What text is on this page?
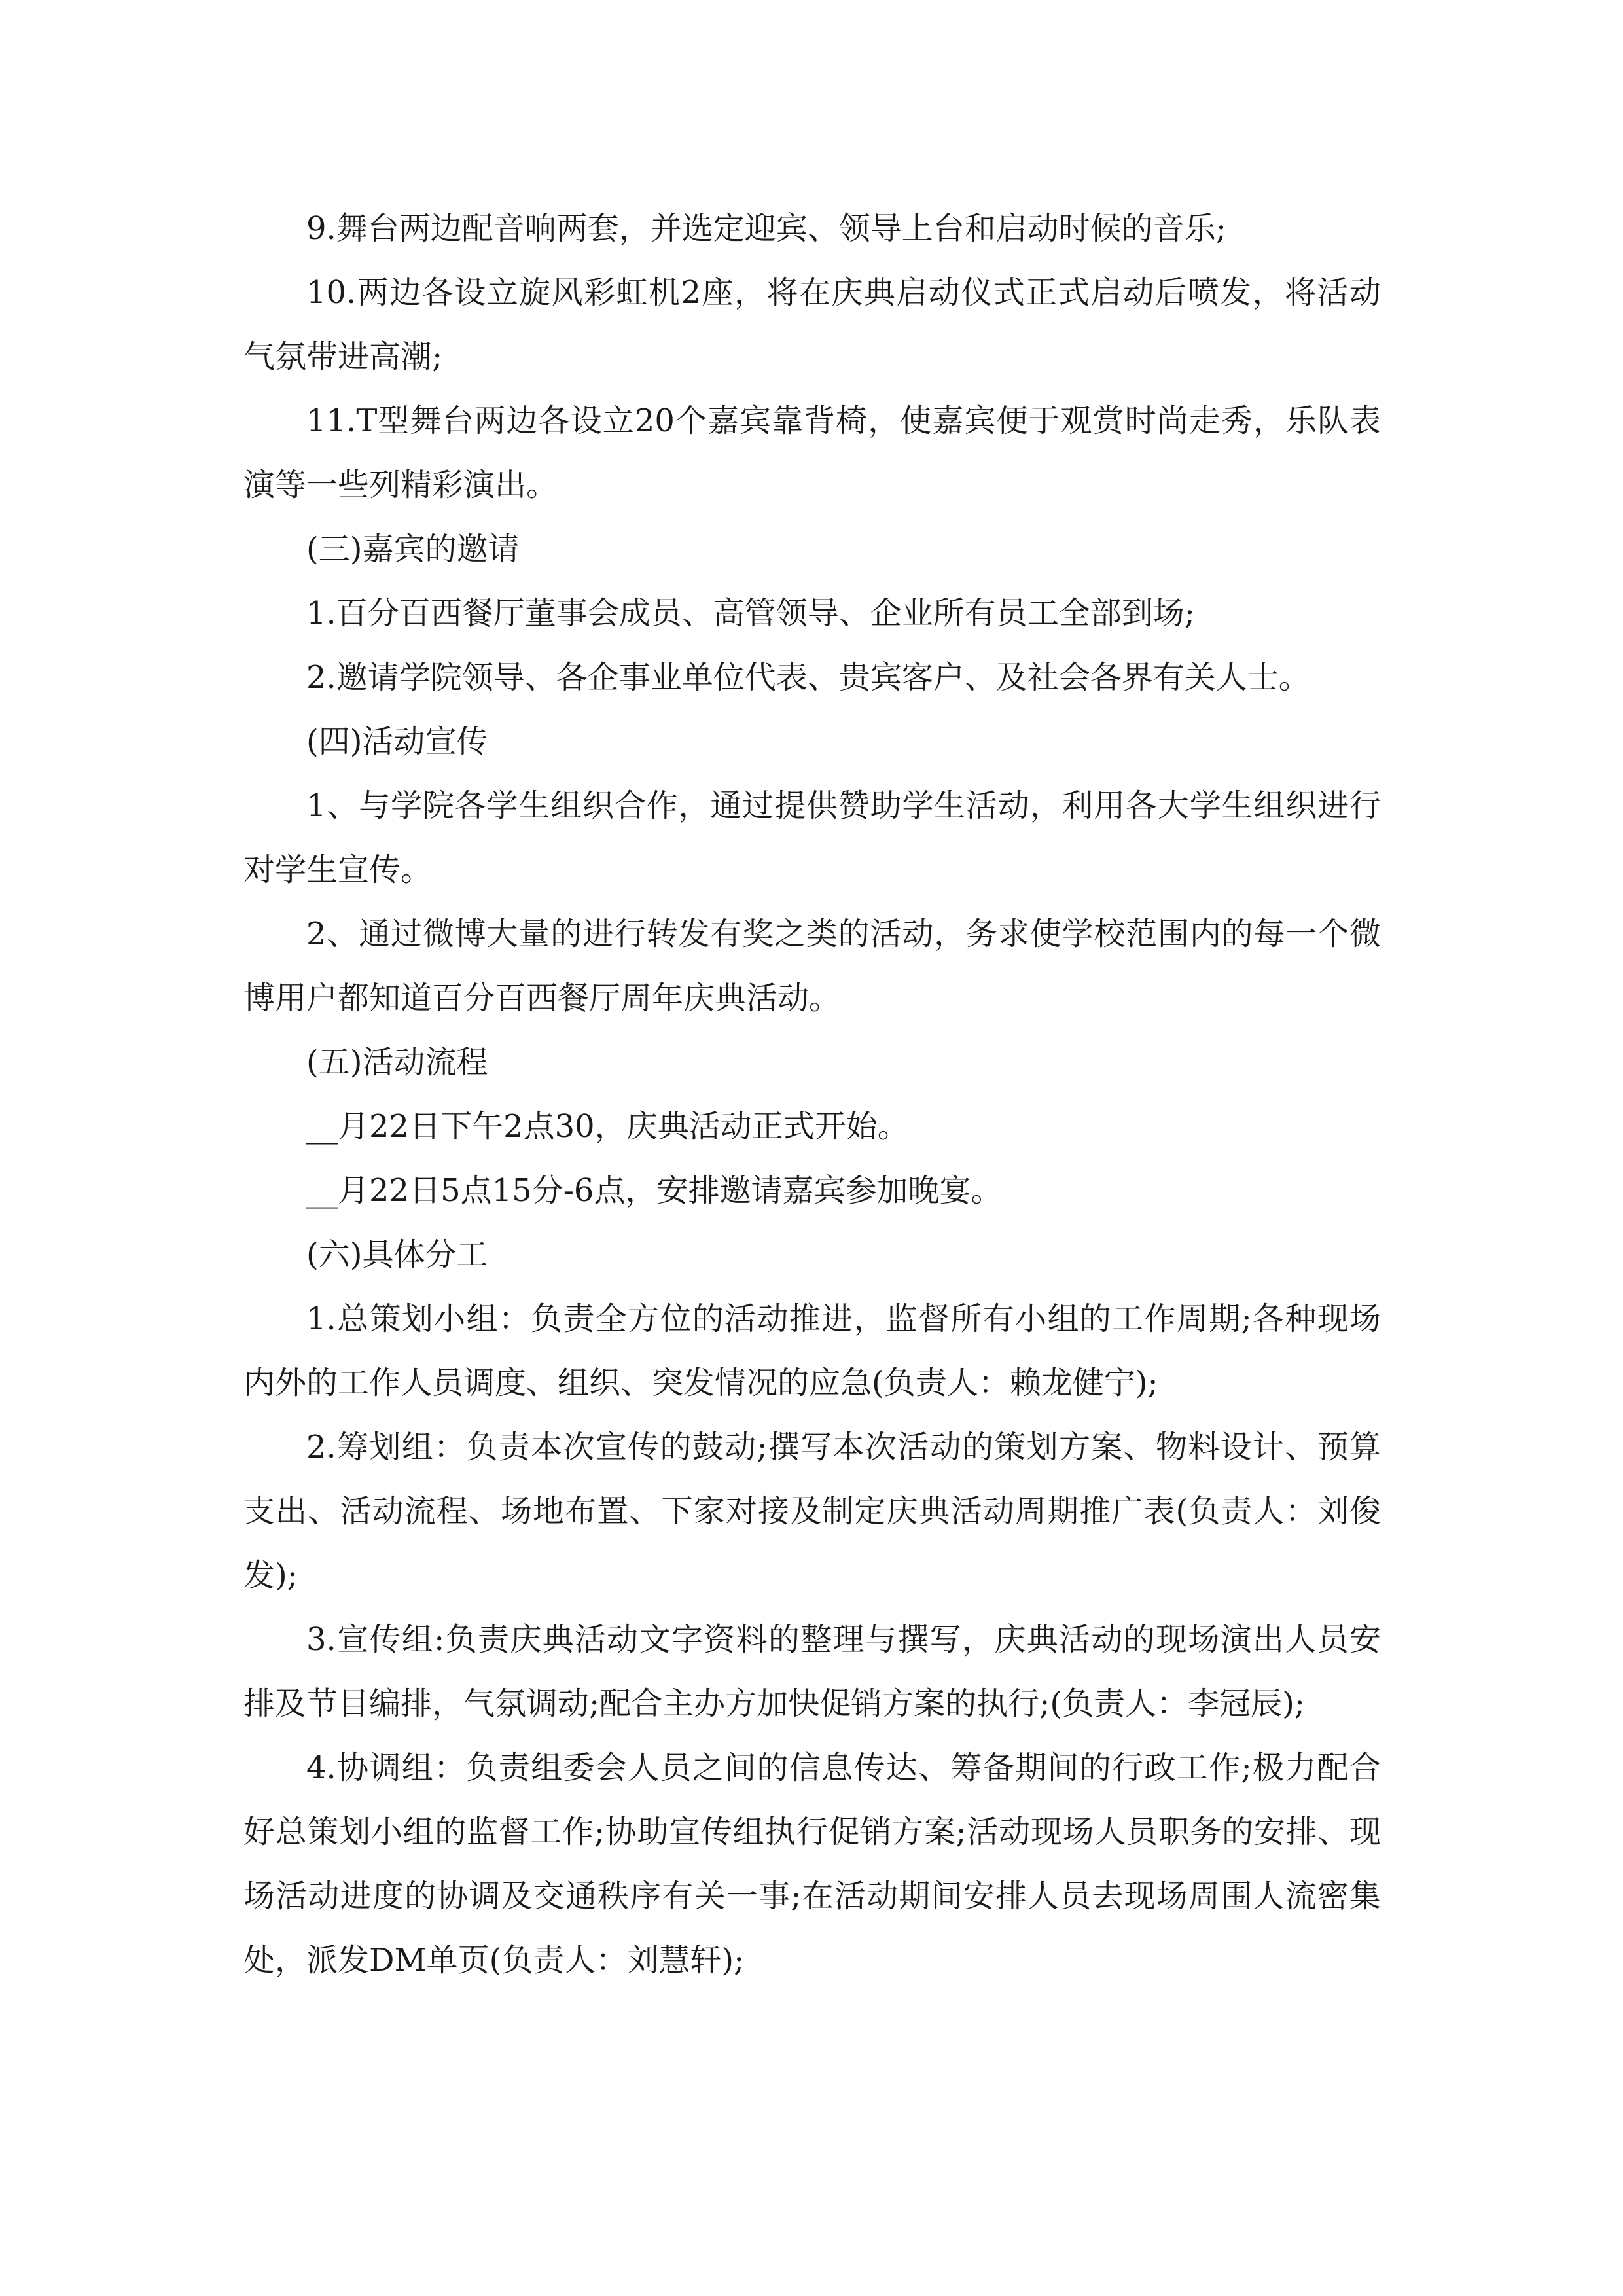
9.舞台两边配音响两套，并选定迎宾、领导上台和启动时候的音乐;

10.两边各设立旋风彩虹机2座，将在庆典启动仪式正式启动后喷发，将活动气氛带进高潮;

11.T型舞台两边各设立20个嘉宾靠背椅，使嘉宾便于观赏时尚走秀，乐队表演等一些列精彩演出。

(三)嘉宾的邀请

1.百分百西餐厅董事会成员、高管领导、企业所有员工全部到场;

2.邀请学院领导、各企事业单位代表、贵宾客户、及社会各界有关人士。

(四)活动宣传

1、与学院各学生组织合作，通过提供赞助学生活动，利用各大学生组织进行对学生宣传。

2、通过微博大量的进行转发有奖之类的活动，务求使学校范围内的每一个微博用户都知道百分百西餐厅周年庆典活动。

(五)活动流程

__月22日下午2点30，庆典活动正式开始。

__月22日5点15分-6点，安排邀请嘉宾参加晚宴。

(六)具体分工

1.总策划小组：负责全方位的活动推进，监督所有小组的工作周期;各种现场内外的工作人员调度、组织、突发情况的应急(负责人：赖龙健宁);

2.筹划组：负责本次宣传的鼓动;撰写本次活动的策划方案、物料设计、预算支出、活动流程、场地布置、下家对接及制定庆典活动周期推广表(负责人：刘俊发);

3.宣传组:负责庆典活动文字资料的整理与撰写，庆典活动的现场演出人员安排及节目编排，气氛调动;配合主办方加快促销方案的执行;(负责人：李冠辰);

4.协调组：负责组委会人员之间的信息传达、筹备期间的行政工作;极力配合好总策划小组的监督工作;协助宣传组执行促销方案;活动现场人员职务的安排、现场活动进度的协调及交通秩序有关一事;在活动期间安排人员去现场周围人流密集处，派发DM单页(负责人：刘慧轩);
